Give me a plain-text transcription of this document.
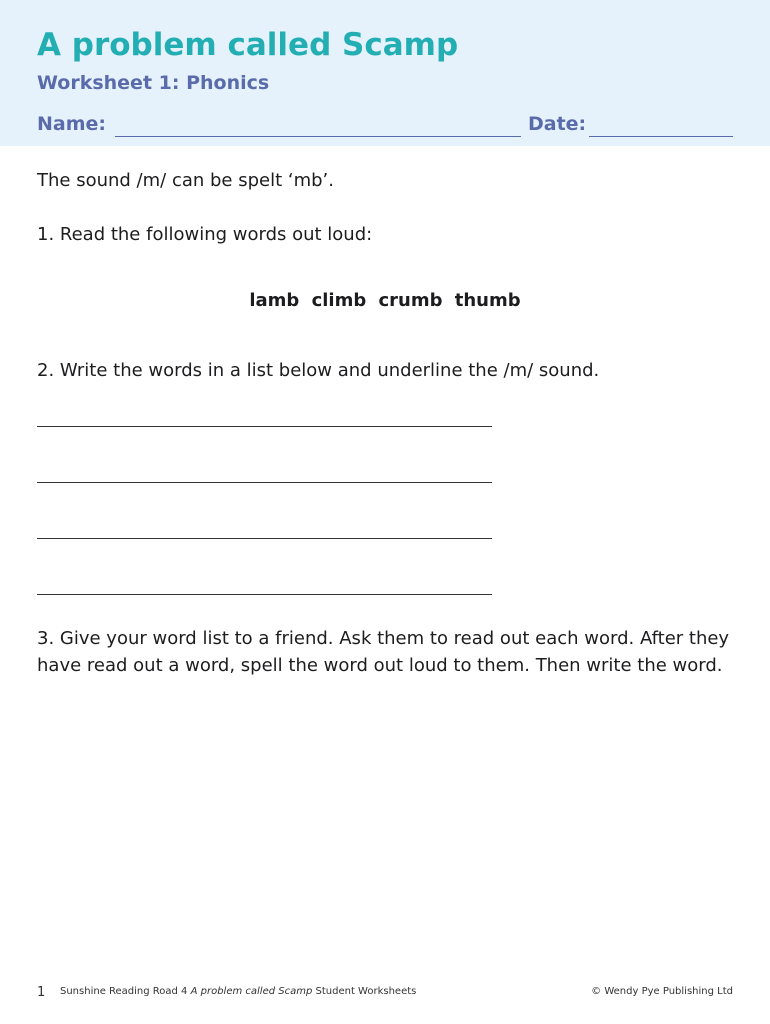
A problem called Scamp
Worksheet 1: Phonics
Name:	Date:
The sound /m/ can be spelt ‘mb’.
1. Read the following words out loud:
lamb climb crumb thumb
2. Write the words in a list below and underline the /m/ sound.

3. Give your word list to a friend. Ask them to read out each word. After they have read out a word, spell the word out loud to them. Then write the word.

1 Sunshine Reading Road 4 A problem called Scamp Student Worksheets	© Wendy Pye Publishing Ltd
